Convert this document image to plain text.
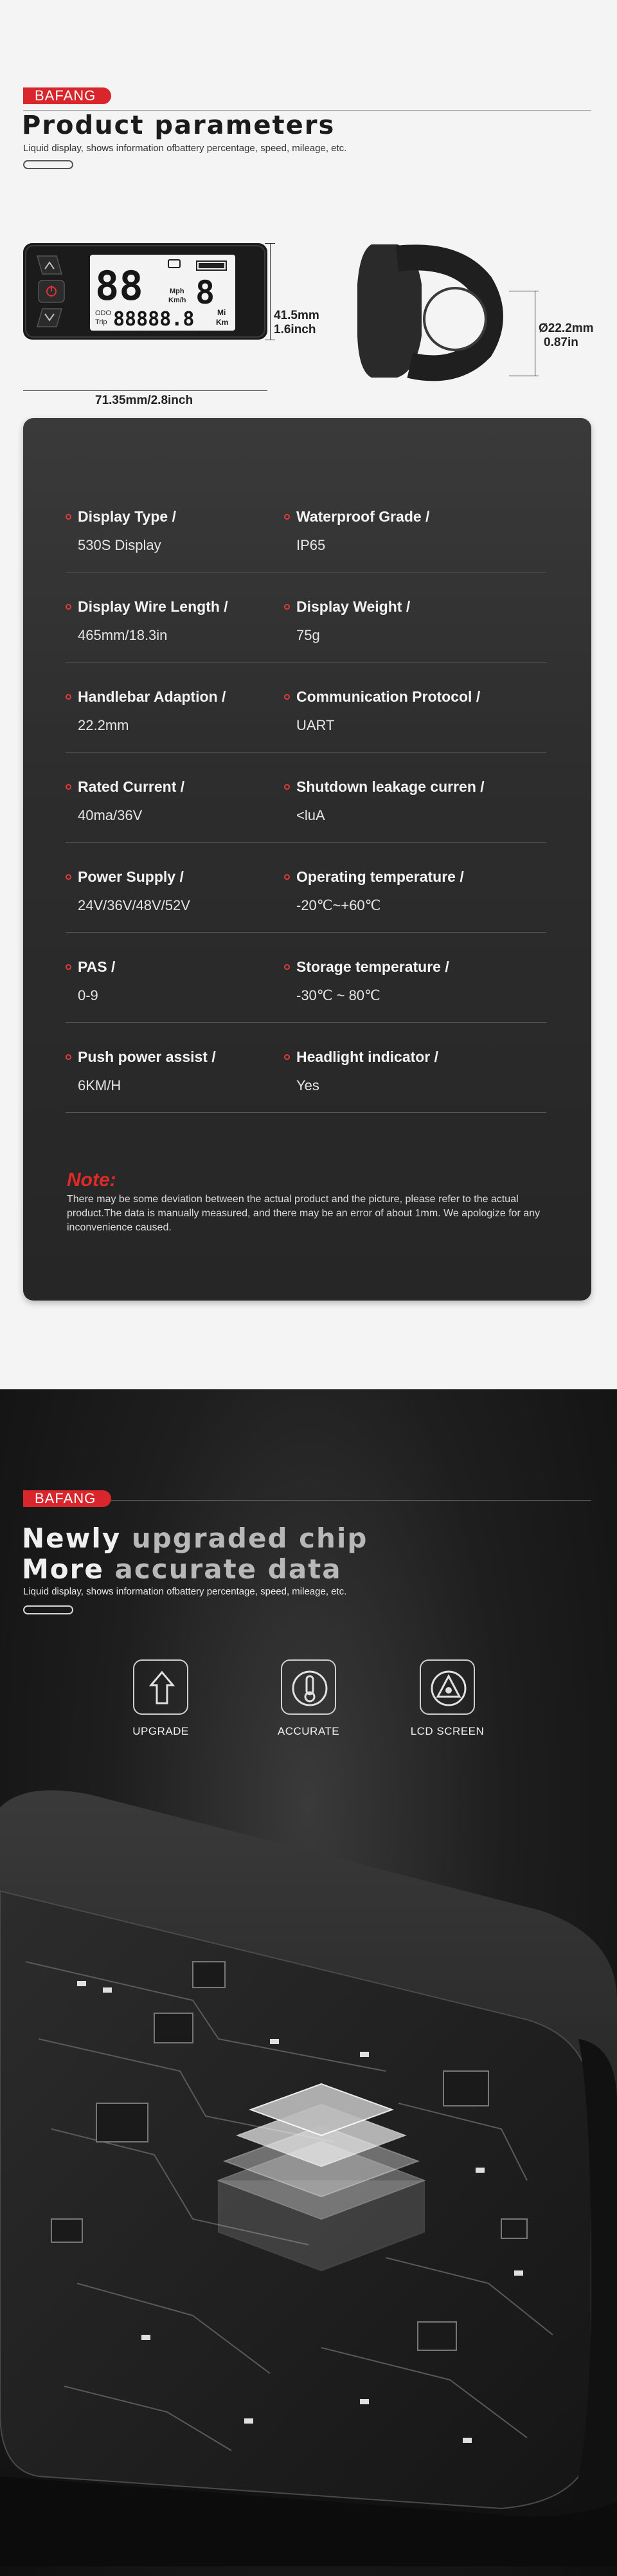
BAFANG
Product parameters
Liquid display, shows information ofbattery percentage, speed, mileage, etc.
88	Mph
Km/h 8
ODO
Trip 88888.8	Mi
Km	41.5mm
1.6inch
71.35mm/2.8inch
Ø22.2mm
0.87in
Display Type /
530S Display
Waterproof Grade /
IP65
Display Wire Length /
465mm/18.3in
Display Weight /
75g
Handlebar Adaption /
22.2mm
Communication Protocol /
UART
Rated Current /
40ma/36V
Shutdown leakage curren /
<luA
Power Supply /
24V/36V/48V/52V
Operating temperature /
-20℃~+60℃
PAS /
0-9
Storage temperature /
-30℃ ~ 80℃
Push power assist /
6KM/H
Headlight indicator /
Yes
Note:
There may be some deviation between the actual product and the picture, please refer to the actual product.The data is manually measured, and there may be an error of about 1mm. We apologize for any inconvenience caused.
BAFANG
Newly upgraded chip
More accurate data
Liquid display, shows information ofbattery percentage, speed, mileage, etc.
UPGRADE	ACCURATE	LCD SCREEN
